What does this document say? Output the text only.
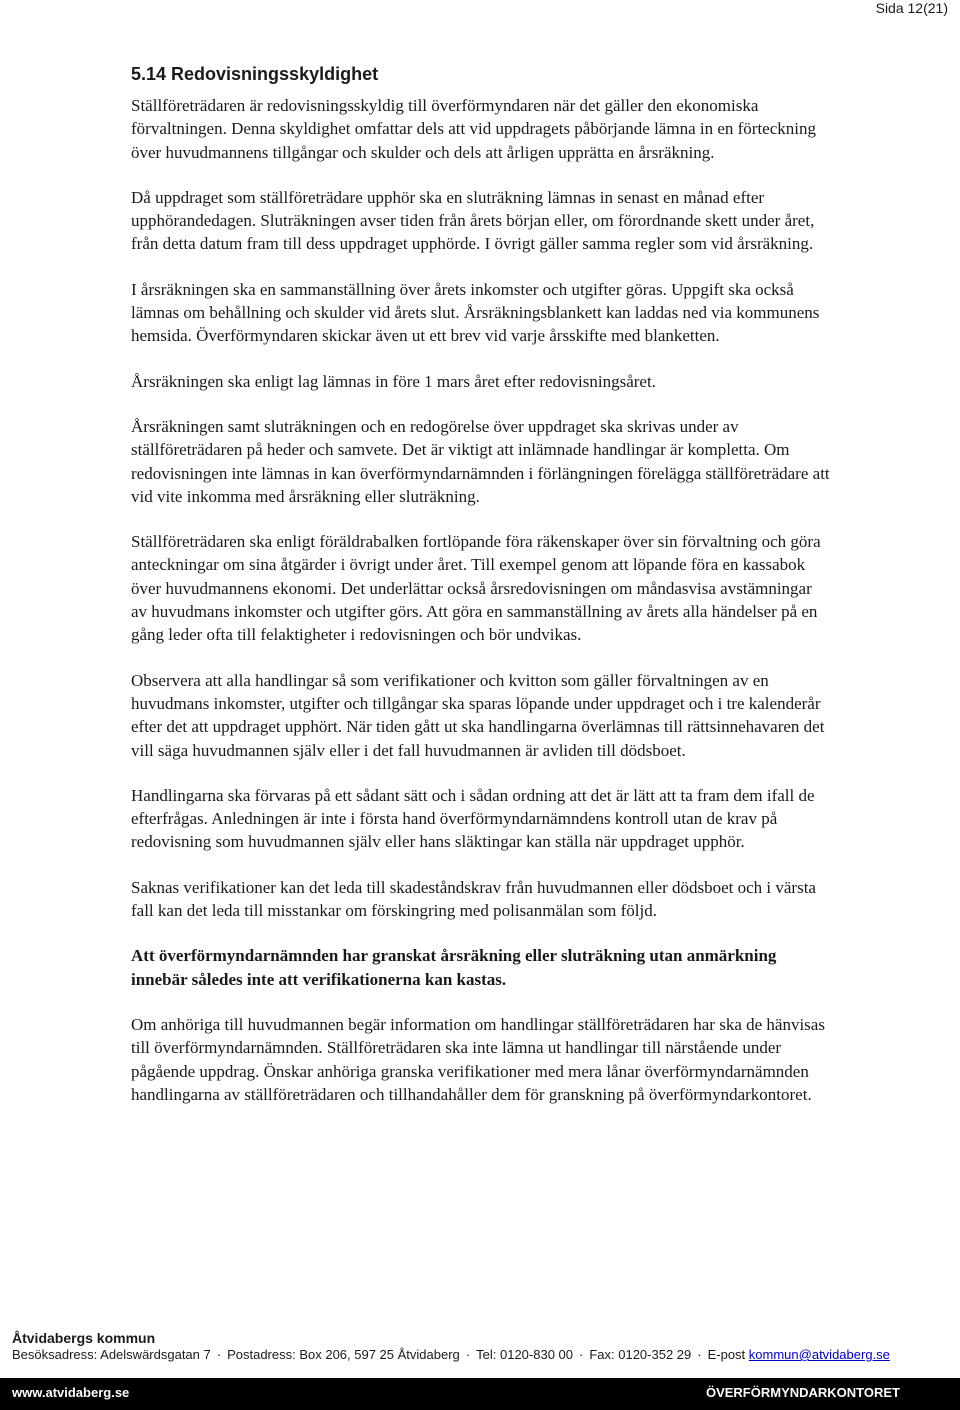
Sida 12(21)
5.14 Redovisningsskyldighet

Ställföreträdaren är redovisningsskyldig till överförmyndaren när det gäller den ekonomiska förvaltningen. Denna skyldighet omfattar dels att vid uppdragets påbörjande lämna in en förteckning över huvudmannens tillgångar och skulder och dels att årligen upprätta en årsräkning.

Då uppdraget som ställföreträdare upphör ska en sluträkning lämnas in senast en månad efter upphörandedagen. Sluträkningen avser tiden från årets början eller, om förordnande skett under året, från detta datum fram till dess uppdraget upphörde. I övrigt gäller samma regler som vid årsräkning.

I årsräkningen ska en sammanställning över årets inkomster och utgifter göras. Uppgift ska också lämnas om behållning och skulder vid årets slut. Årsräkningsblankett kan laddas ned via kommunens hemsida. Överförmyndaren skickar även ut ett brev vid varje årsskifte med blanketten.

Årsräkningen ska enligt lag lämnas in före 1 mars året efter redovisningsåret.

Årsräkningen samt sluträkningen och en redogörelse över uppdraget ska skrivas under av ställföreträdaren på heder och samvete. Det är viktigt att inlämnade handlingar är kompletta. Om redovisningen inte lämnas in kan överförmyndarnämnden i förlängningen förelägga ställföreträdare att vid vite inkomma med årsräkning eller sluträkning.

Ställföreträdaren ska enligt föräldrabalken fortlöpande föra räkenskaper över sin förvaltning och göra anteckningar om sina åtgärder i övrigt under året. Till exempel genom att löpande föra en kassabok över huvudmannens ekonomi. Det underlättar också årsredovisningen om måndasvisa avstämningar av huvudmans inkomster och utgifter görs. Att göra en sammanställning av årets alla händelser på en gång leder ofta till felaktigheter i redovisningen och bör undvikas.

Observera att alla handlingar så som verifikationer och kvitton som gäller förvaltningen av en huvudmans inkomster, utgifter och tillgångar ska sparas löpande under uppdraget och i tre kalenderår efter det att uppdraget upphört. När tiden gått ut ska handlingarna överlämnas till rättsinnehavaren det vill säga huvudmannen själv eller i det fall huvudmannen är avliden till dödsboet.

Handlingarna ska förvaras på ett sådant sätt och i sådan ordning att det är lätt att ta fram dem ifall de efterfrågas. Anledningen är inte i första hand överförmyndarnämndens kontroll utan de krav på redovisning som huvudmannen själv eller hans släktingar kan ställa när uppdraget upphör.

Saknas verifikationer kan det leda till skadeståndskrav från huvudmannen eller dödsboet och i värsta fall kan det leda till misstankar om förskingring med polisanmälan som följd.

Att överförmyndarnämnden har granskat årsräkning eller sluträkning utan anmärkning innebär således inte att verifikationerna kan kastas.

Om anhöriga till huvudmannen begär information om handlingar ställföreträdaren har ska de hänvisas till överförmyndarnämnden. Ställföreträdaren ska inte lämna ut handlingar till närstående under pågående uppdrag. Önskar anhöriga granska verifikationer med mera lånar överförmyndarnämnden handlingarna av ställföreträdaren och tillhandahåller dem för granskning på överförmyndarkontoret.

Åtvidabergs kommun
Besöksadress: Adelswärdsgatan 7 · Postadress: Box 206, 597 25 Åtvidaberg · Tel: 0120-830 00 · Fax: 0120-352 29 · E-post kommun@atvidaberg.se
www.atvidaberg.se	ÖVERFÖRMYNDARKONTORET
